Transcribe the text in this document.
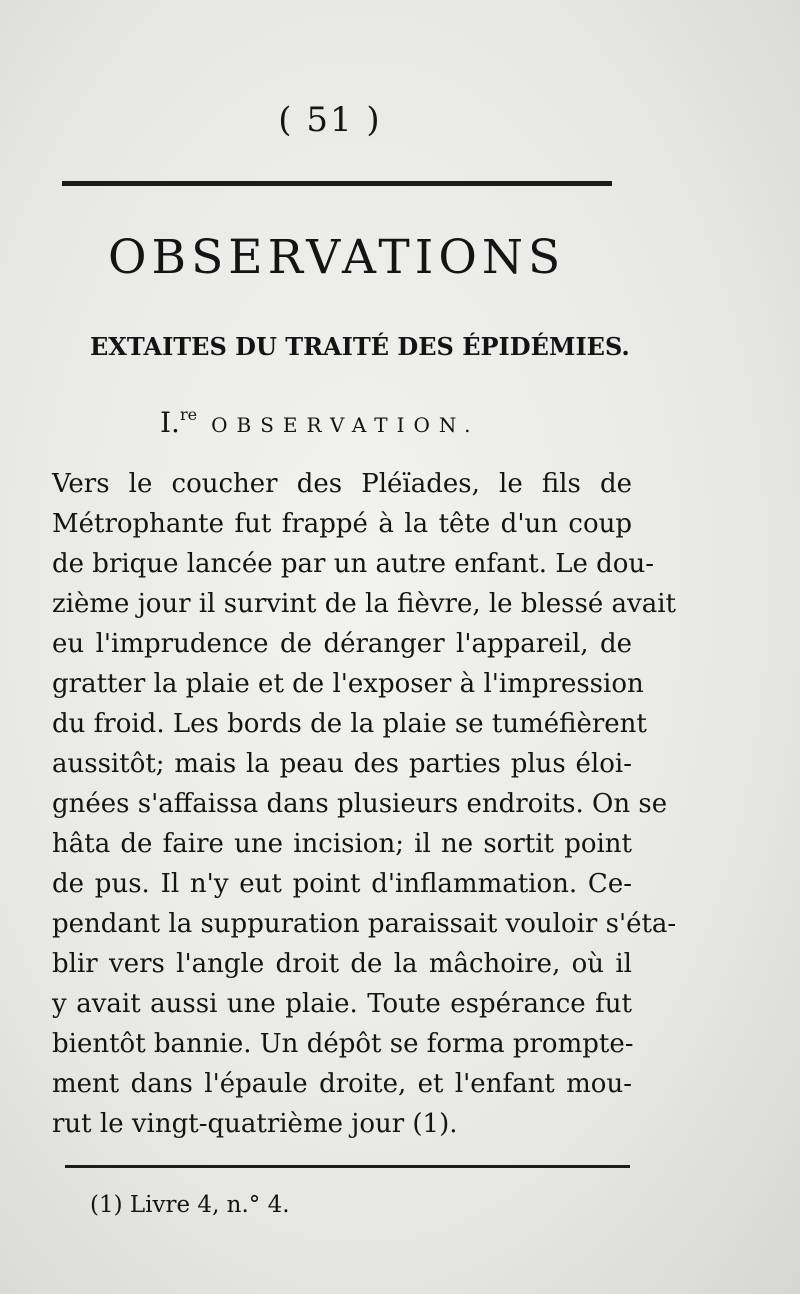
( 51 )
OBSERVATIONS
EXTAITES DU TRAITÉ DES ÉPIDÉMIES.
I.$^{re}$ OBSERVATION.
Vers le coucher des Pléïades, le fils de
Métrophante fut frappé à la tête d'un coup
de brique lancée par un autre enfant. Le dou-
zième jour il survint de la fièvre, le blessé avait
eu l'imprudence de déranger l'appareil, de
gratter la plaie et de l'exposer à l'impression
du froid. Les bords de la plaie se tuméfièrent
aussitôt; mais la peau des parties plus éloi-
gnées s'affaissa dans plusieurs endroits. On se
hâta de faire une incision; il ne sortit point
de pus. Il n'y eut point d'inflammation. Ce-
pendant la suppuration paraissait vouloir s'éta-
blir vers l'angle droit de la mâchoire, où il
y avait aussi une plaie. Toute espérance fut
bientôt bannie. Un dépôt se forma prompte-
ment dans l'épaule droite, et l'enfant mou-
rut le vingt-quatrième jour (1).
(1) Livre 4, n.° 4.
